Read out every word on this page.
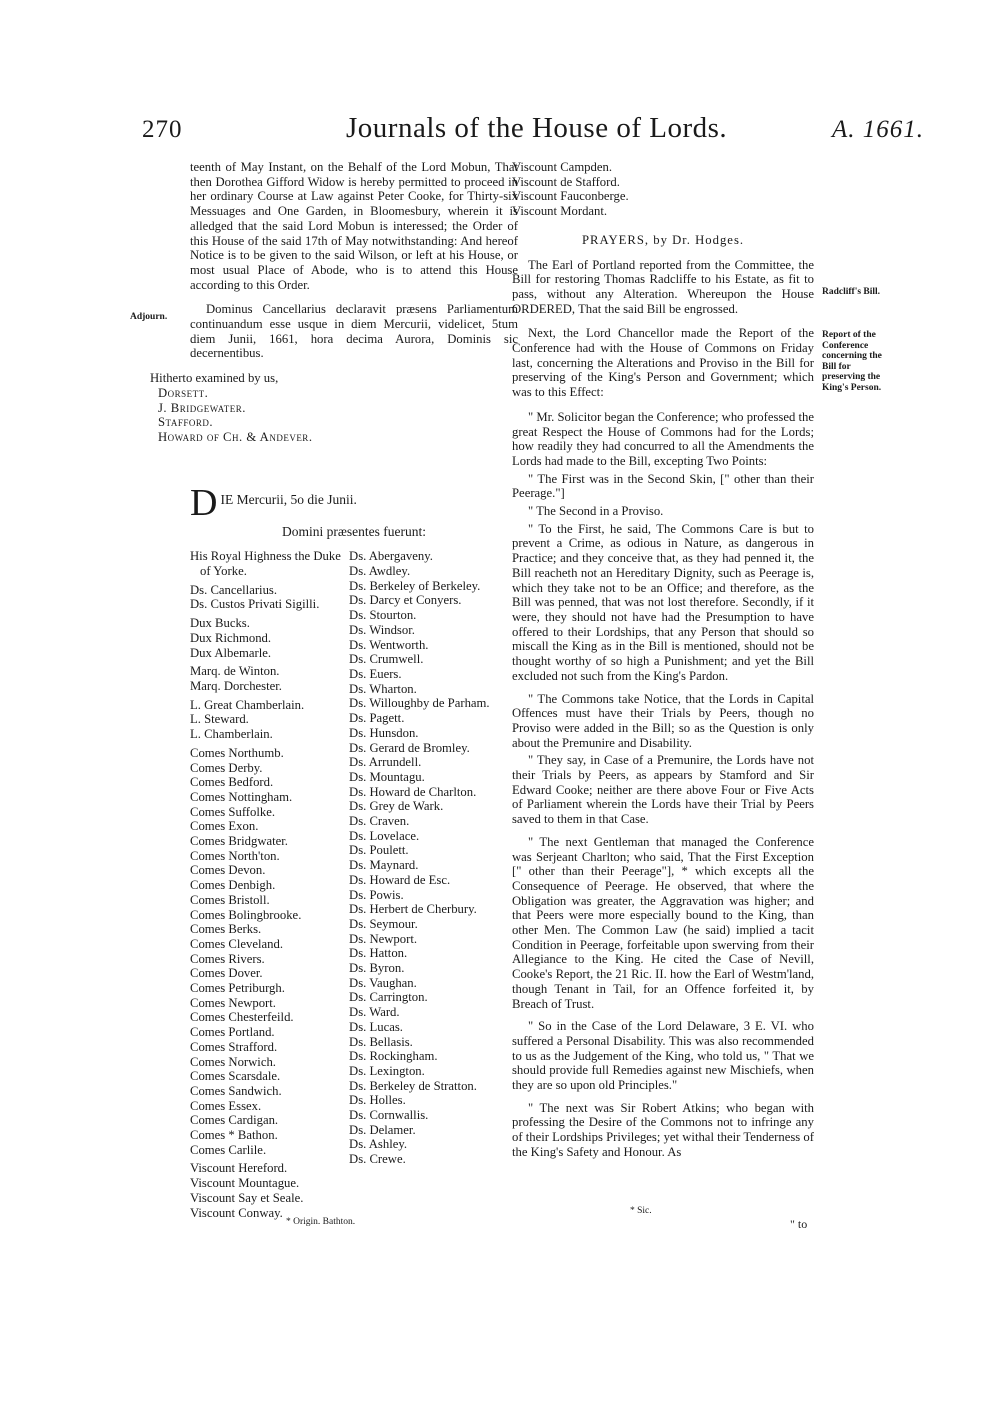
270	Journals of the House of Lords.	A. 1661.

teenth of May Instant, on the Behalf of the Lord Mobun, That then Dorothea Gifford Widow is hereby permitted to proceed in her ordinary Course at Law against Peter Cooke, for Thirty-six Messuages and One Garden, in Bloomesbury, wherein it is alledged that the said Lord Mobun is interessed; the Order of this House of the said 17th of May notwithstanding: And hereof Notice is to be given to the said Wilson, or left at his House, or most usual Place of Abode, who is to attend this House according to this Order.

Dominus Cancellarius declaravit præsens Parliamentum continuandum esse usque in diem Mercurii, videlicet, 5tum diem Junii, 1661, hora decima Aurora, Dominis sic decernentibus.

Hitherto examined by us,

Dorsett.

J. Bridgewater.

Stafford.

Howard of Ch. & Andever.

D IE Mercurii, 5o die Junii.

Domini præsentes fuerunt:

His Royal Highness the Duke of Yorke.

Ds. Cancellarius.

Ds. Custos Privati Sigilli.

Dux Bucks.

Dux Richmond.

Dux Albemarle.

Marq. de Winton.

Marq. Dorchester.

L. Great Chamberlain.

L. Steward.

L. Chamberlain.

Comes Northumb.

Comes Derby.

Comes Bedford.

Comes Nottingham.

Comes Suffolke.

Comes Exon.

Comes Bridgwater.

Comes North'ton.

Comes Devon.

Comes Denbigh.

Comes Bristoll.

Comes Bolingbrooke.

Comes Berks.

Comes Cleveland.

Comes Rivers.

Comes Dover.

Comes Petriburgh.

Comes Newport.

Comes Chesterfeild.

Comes Portland.

Comes Strafford.

Comes Norwich.

Comes Scarsdale.

Comes Sandwich.

Comes Essex.

Comes Cardigan.

Comes * Bathon.

Comes Carlile.

Viscount Hereford.

Viscount Mountague.

Viscount Say et Seale.

Viscount Conway.

Ds. Abergaveny.

Ds. Awdley.

Ds. Berkeley of Berkeley.

Ds. Darcy et Conyers.

Ds. Stourton.

Ds. Windsor.

Ds. Wentworth.

Ds. Crumwell.

Ds. Euers.

Ds. Wharton.

Ds. Willoughby de Parham.

Ds. Pagett.

Ds. Hunsdon.

Ds. Gerard de Bromley.

Ds. Arrundell.

Ds. Mountagu.

Ds. Howard de Charlton.

Ds. Grey de Wark.

Ds. Craven.

Ds. Lovelace.

Ds. Poulett.

Ds. Maynard.

Ds. Howard de Esc.

Ds. Powis.

Ds. Herbert de Cherbury.

Ds. Seymour.

Ds. Newport.

Ds. Hatton.

Ds. Byron.

Ds. Vaughan.

Ds. Carrington.

Ds. Ward.

Ds. Lucas.

Ds. Bellasis.

Ds. Rockingham.

Ds. Lexington.

Ds. Berkeley de Stratton.

Ds. Holles.

Ds. Cornwallis.

Ds. Delamer.

Ds. Ashley.

Ds. Crewe.

Adjourn.
* Origin. Bathton.

Viscount Campden.

Viscount de Stafford.

Viscount Fauconberge.

Viscount Mordant.

PRAYERS, by Dr. Hodges.

The Earl of Portland reported from the Committee, the Bill for restoring Thomas Radcliffe to his Estate, as fit to pass, without any Alteration. Whereupon the House ORDERED, That the said Bill be engrossed.

Next, the Lord Chancellor made the Report of the Conference had with the House of Commons on Friday last, concerning the Alterations and Proviso in the Bill for preserving of the King's Person and Government; which was to this Effect:

" Mr. Solicitor began the Conference; who professed the great Respect the House of Commons had for the Lords; how readily they had concurred to all the Amendments the Lords had made to the Bill, excepting Two Points:

" The First was in the Second Skin, [" other than their Peerage."]

" The Second in a Proviso.

" To the First, he said, The Commons Care is but to prevent a Crime, as odious in Nature, as dangerous in Practice; and they conceive that, as they had penned it, the Bill reacheth not an Hereditary Dignity, such as Peerage is, which they take not to be an Office; and therefore, as the Bill was penned, that was not lost therefore. Secondly, if it were, they should not have had the Presumption to have offered to their Lordships, that any Person that should so miscall the King as in the Bill is mentioned, should not be thought worthy of so high a Punishment; and yet the Bill excluded not such from the King's Pardon.

" The Commons take Notice, that the Lords in Capital Offences must have their Trials by Peers, though no Proviso were added in the Bill; so as the Question is only about the Premunire and Disability.

" They say, in Case of a Premunire, the Lords have not their Trials by Peers, as appears by Stamford and Sir Edward Cooke; neither are there above Four or Five Acts of Parliament wherein the Lords have their Trial by Peers saved to them in that Case.

" The next Gentleman that managed the Conference was Serjeant Charlton; who said, That the First Exception [" other than their Peerage"], * which excepts all the Consequence of Peerage. He observed, that where the Obligation was greater, the Aggravation was higher; and that Peers were more especially bound to the King, than other Men. The Common Law (he said) implied a tacit Condition in Peerage, forfeitable upon swerving from their Allegiance to the King. He cited the Case of Nevill, Cooke's Report, the 21 Ric. II. how the Earl of Westm'land, though Tenant in Tail, for an Offence forfeited it, by Breach of Trust.

" So in the Case of the Lord Delaware, 3 E. VI. who suffered a Personal Disability. This was also recommended to us as the Judgement of the King, who told us, " That we should provide full Remedies against new Mischiefs, when they are so upon old Principles."

" The next was Sir Robert Atkins; who began with professing the Desire of the Commons not to infringe any of their Lordships Privileges; yet withal their Tenderness of the King's Safety and Honour. As

Radcliff's Bill.
Report of the Conference concerning the Bill for preserving the King's Person.
* Sic.
" to
